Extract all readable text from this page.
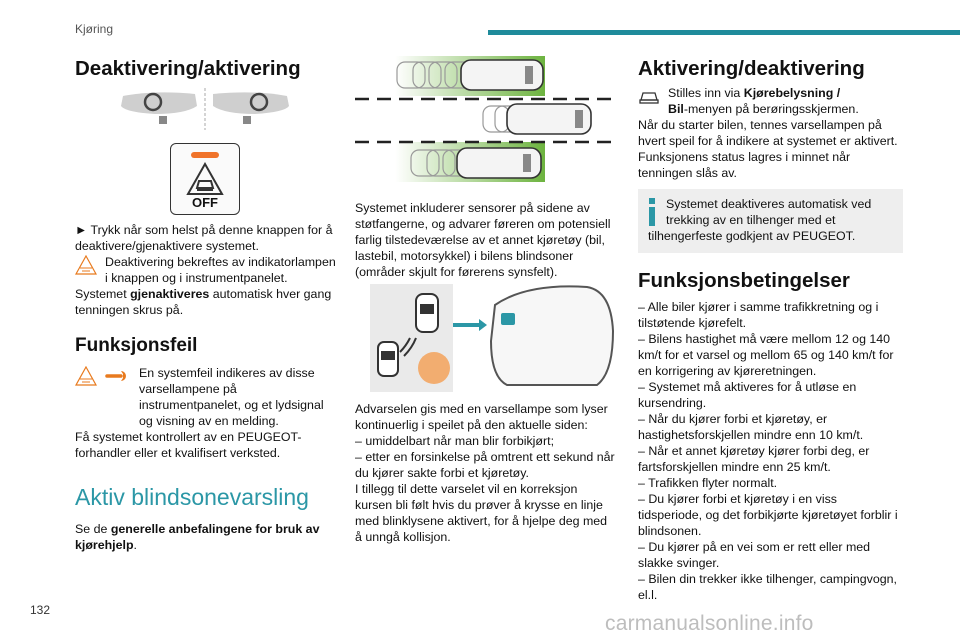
Kjøring
Deaktivering/aktivering
OFF

► Trykk når som helst på denne knappen for å deaktivere/gjenaktivere systemet.

Deaktivering bekreftes av indikatorlampen i knappen og i instrumentpanelet.

Systemet gjenaktiveres automatisk hver gang tenningen skrus på.

Funksjonsfeil

En systemfeil indikeres av disse varsellampene på instrumentpanelet, og et lydsignal og visning av en melding.

Få systemet kontrollert av en PEUGEOT-forhandler eller et kvalifisert verksted.

Aktiv blindsonevarsling

Se de generelle anbefalingene for bruk av kjørehjelp.

Systemet inkluderer sensorer på sidene av støtfangerne, og advarer føreren om potensiell farlig tilstedeværelse av et annet kjøretøy (bil, lastebil, motorsykkel) i bilens blindsoner (områder skjult for førerens synsfelt).

Advarselen gis med en varsellampe som lyser kontinuerlig i speilet på den aktuelle siden:

– umiddelbart når man blir forbikjørt;

– etter en forsinkelse på omtrent ett sekund når du kjører sakte forbi et kjøretøy.

I tillegg til dette varselet vil en korreksjon kursen bli følt hvis du prøver å krysse en linje med blinklysene aktivert, for å hjelpe deg med å unngå kollisjon.

Aktivering/deaktivering

Stilles inn via Kjørebelysning /
Bil-menyen på berøringsskjermen.

Når du starter bilen, tennes varsellampen på hvert speil for å indikere at systemet er aktivert.

Funksjonens status lagres i minnet når tenningen slås av.

Systemet deaktiveres automatisk ved trekking av en tilhenger med et tilhengerfeste godkjent av PEUGEOT.

Funksjonsbetingelser

– Alle biler kjører i samme trafikkretning og i tilstøtende kjørefelt.

– Bilens hastighet må være mellom 12 og 140 km/t for et varsel og mellom 65 og 140 km/t for en korrigering av kjøreretningen.

– Systemet må aktiveres for å utløse en kursendring.

– Når du kjører forbi et kjøretøy, er hastighetsforskjellen mindre enn 10 km/t.

– Når et annet kjøretøy kjører forbi deg, er fartsforskjellen mindre enn 25 km/t.

– Trafikken flyter normalt.

– Du kjører forbi et kjøretøy i en viss tidsperiode, og det forbikjørte kjøretøyet forblir i blindsonen.

– Du kjører på en vei som er rett eller med slakke svinger.

– Bilen din trekker ikke tilhenger, campingvogn, el.l.

132
carmanualsonline.info
